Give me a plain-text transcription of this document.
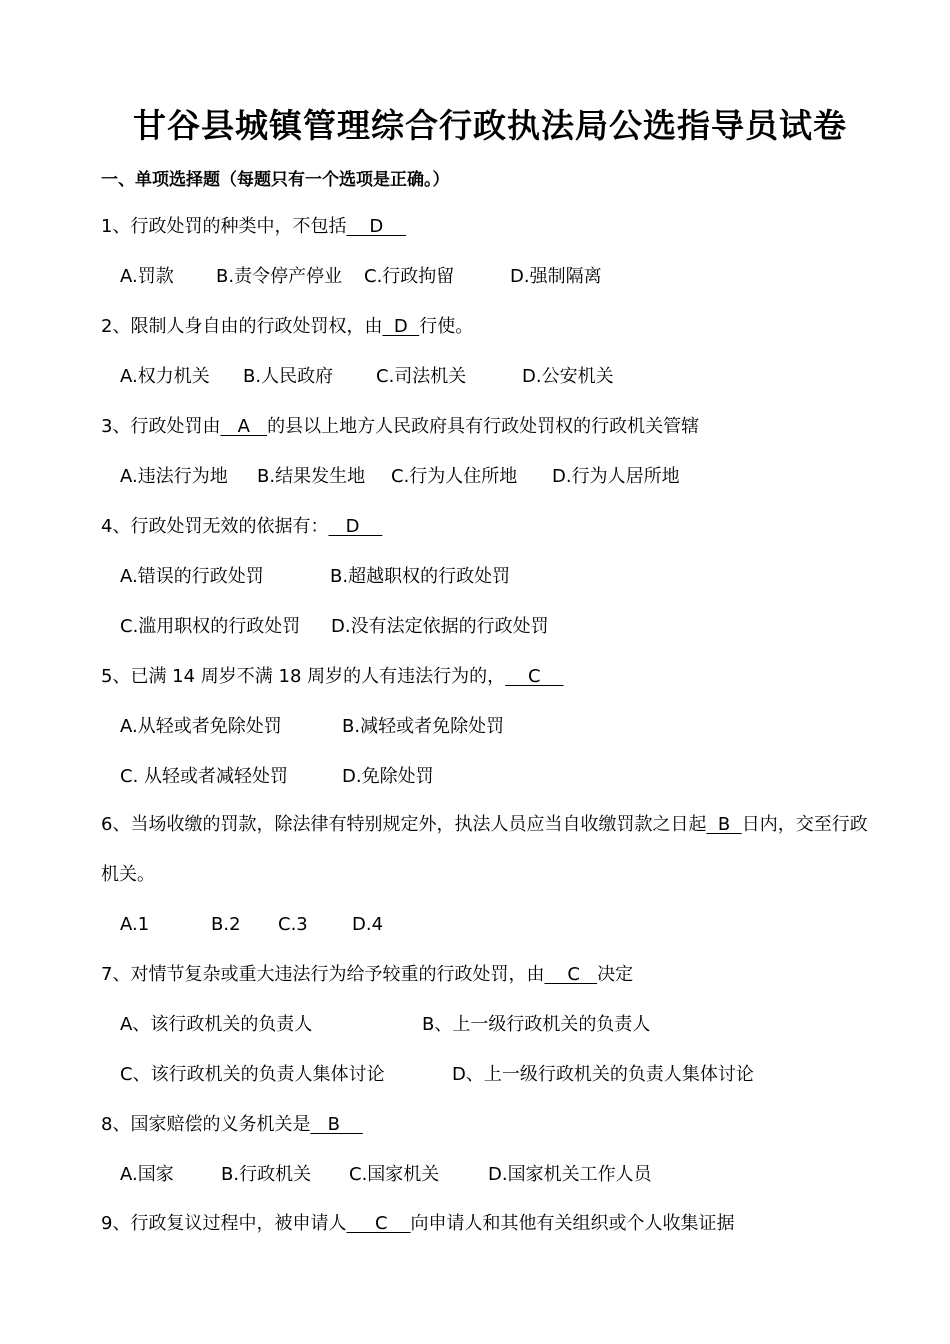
甘谷县城镇管理综合行政执法局公选指导员试卷
一、单项选择题（每题只有一个选项是正确。）
1、行政处罚的种类中，不包括    D
A.罚款 B.责令停产停业 C.行政拘留	D.强制隔离
2、限制人身自由的行政处罚权，由  D  行使。
A.权力机关 B.人民政府 C.司法机关	D.公安机关
3、行政处罚由   A   的县以上地方人民政府具有行政处罚权的行政机关管辖
A.违法行为地 B.结果发生地 C.行为人住所地 D.行为人居所地
4、行政处罚无效的依据有：   D
A.错误的行政处罚	B.超越职权的行政处罚
C.滥用职权的行政处罚 D.没有法定依据的行政处罚
5、已满 14 周岁不满 18 周岁的人有违法行为的，    C
A.从轻或者免除处罚	B.减轻或者免除处罚
C. 从轻或者减轻处罚	D.免除处罚
6、当场收缴的罚款，除法律有特别规定外，执法人员应当自收缴罚款之日起  B  日内，交至行政机关。
A.1	B.2 C.3 D.4
7、对情节复杂或重大违法行为给予较重的行政处罚，由    C   决定
A、该行政机关的负责人	B、上一级行政机关的负责人
C、该行政机关的负责人集体讨论	D、上一级行政机关的负责人集体讨论
8、国家赔偿的义务机关是   B
A.国家	B.行政机关 C.国家机关	D.国家机关工作人员
9、行政复议过程中，被申请人     C    向申请人和其他有关组织或个人收集证据
